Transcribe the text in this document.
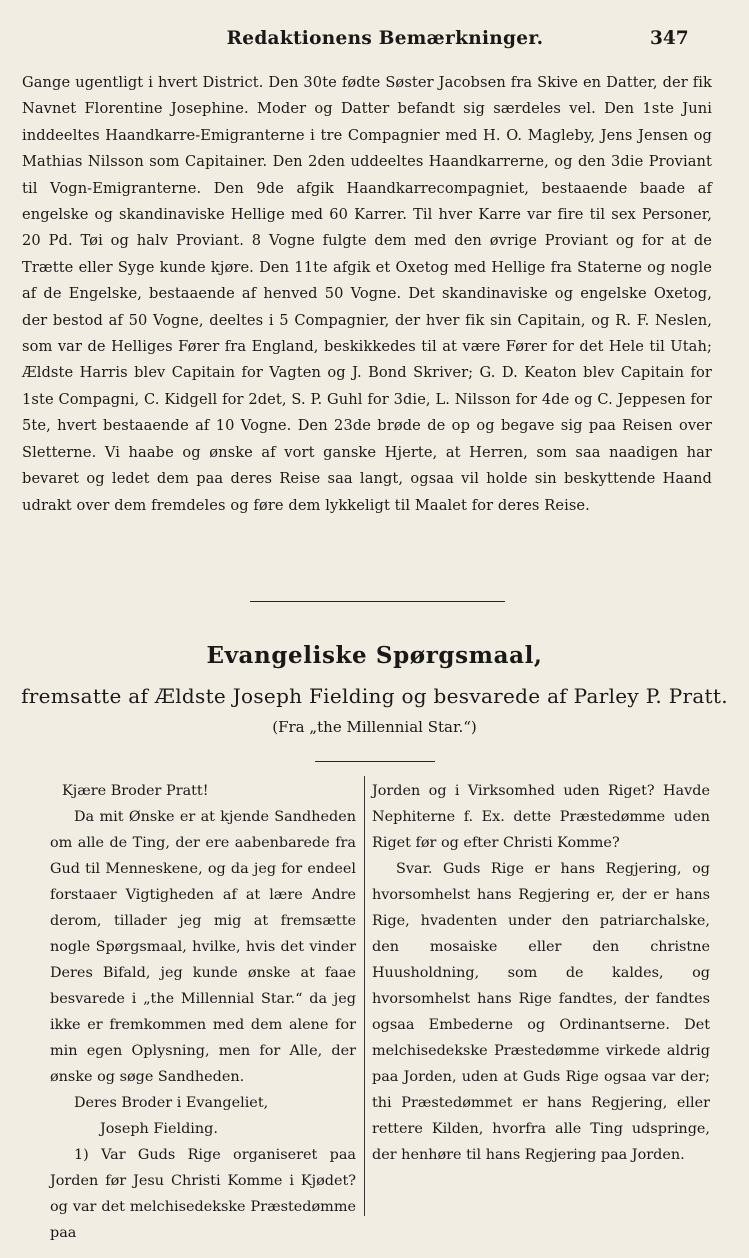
Redaktionens Bemærkninger.	347

Gange ugentligt i hvert District. Den 30te fødte Søster Jacobsen fra Skive en Datter, der fik Navnet Florentine Josephine. Moder og Datter befandt sig særdeles vel. Den 1ste Juni inddeeltes Haandkarre-Emigranterne i tre Compagnier med H. O. Magleby, Jens Jensen og Mathias Nilsson som Capitainer. Den 2den uddeeltes Haandkarrerne, og den 3die Proviant til Vogn-Emigranterne. Den 9de afgik Haandkarrecompagniet, bestaaende baade af engelske og skandinaviske Hellige med 60 Karrer. Til hver Karre var fire til sex Personer, 20 Pd. Tøi og halv Proviant. 8 Vogne fulgte dem med den øvrige Proviant og for at de Trætte eller Syge kunde kjøre. Den 11te afgik et Oxetog med Hellige fra Staterne og nogle af de Engelske, bestaaende af henved 50 Vogne. Det skandinaviske og engelske Oxetog, der bestod af 50 Vogne, deeltes i 5 Compagnier, der hver fik sin Capitain, og R. F. Neslen, som var de Helliges Fører fra England, beskikkedes til at være Fører for det Hele til Utah; Ældste Harris blev Capitain for Vagten og J. Bond Skriver; G. D. Keaton blev Capitain for 1ste Compagni, C. Kidgell for 2det, S. P. Guhl for 3die, L. Nilsson for 4de og C. Jeppesen for 5te, hvert bestaaende af 10 Vogne. Den 23de brøde de op og begave sig paa Reisen over Sletterne. Vi haabe og ønske af vort ganske Hjerte, at Herren, som saa naadigen har bevaret og ledet dem paa deres Reise saa langt, ogsaa vil holde sin beskyttende Haand udrakt over dem fremdeles og føre dem lykkeligt til Maalet for deres Reise.

Evangeliske Spørgsmaal,
fremsatte af Ældste Joseph Fielding og besvarede af Parley P. Pratt.
(Fra „the Millennial Star.“)

Kjære Broder Pratt!

Da mit Ønske er at kjende Sandheden om alle de Ting, der ere aabenbarede fra Gud til Menneskene, og da jeg for endeel forstaaer Vigtigheden af at lære Andre derom, tillader jeg mig at fremsætte nogle Spørgsmaal, hvilke, hvis det vinder Deres Bifald, jeg kunde ønske at faae besvarede i „the Millennial Star.“ da jeg ikke er fremkommen med dem alene for min egen Oplysning, men for Alle, der ønske og søge Sandheden.

Deres Broder i Evangeliet,

Joseph Fielding.

1) Var Guds Rige organiseret paa Jorden før Jesu Christi Komme i Kjødet? og var det melchisedekske Præstedømme paa

Jorden og i Virksomhed uden Riget? Havde Nephiterne f. Ex. dette Præstedømme uden Riget før og efter Christi Komme?

Svar. Guds Rige er hans Regjering, og hvorsomhelst hans Regjering er, der er hans Rige, hvadenten under den patriarchalske, den mosaiske eller den christne Huusholdning, som de kaldes, og hvorsomhelst hans Rige fandtes, der fandtes ogsaa Embederne og Ordinantserne. Det melchisedekske Præstedømme virkede aldrig paa Jorden, uden at Guds Rige ogsaa var der; thi Præstedømmet er hans Regjering, eller rettere Kilden, hvorfra alle Ting udspringe, der henhøre til hans Regjering paa Jorden.
